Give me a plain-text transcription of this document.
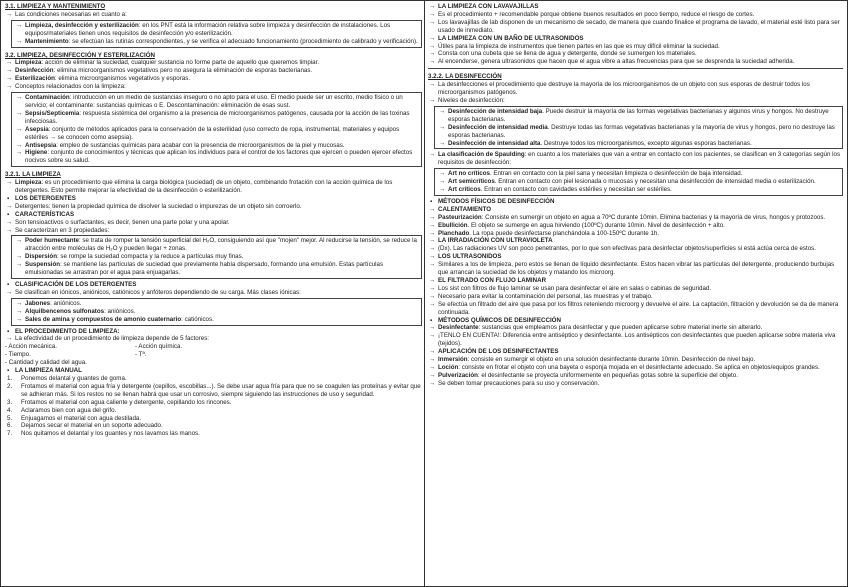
3.1. LIMPIEZA Y MANTENIMIENTO

→ Las condiciones necesarias en cuanto a:

→ Limpieza, desinfección y esterilización: en los PNT está la información relativa sobre limpieza y desinfección de instalaciones. Los equipos/materiales tienen unos requisitos de desinfección y/o esterilización.

→ Mantenimiento: se efectúan las rutinas correspondientes, y se verifica el adecuado funcionamiento (procedimiento de calibrado y verificación).

3.2. LIMPIEZA, DESINFECCIÓN Y ESTERILIZACIÓN

→ Limpieza: acción de eliminar la suciedad, cualquier sustancia no forme parte de aquello que queremos limpiar.

→ Desinfección: elimina microorganismos vegetativos pero no asegura la eliminación de esporas bacterianas.

→ Esterilización: elimina microorganismos vegetativos y esporas.

→ Conceptos relacionados con la limpieza:

→ Contaminación: introducción en un medio de sustancias inseguro o no apto para el uso. El medio puede ser un escrito, medio físico o un servicio; el contaminante: sustancias químicas o E. Descontaminación: eliminación de esas sust.

→ Sepsis/Septicemia: respuesta sistémica del organismo a la presencia de microorganismos patógenos, causada por la acción de las toxinas infecciosas.

→ Asepsia: conjunto de métodos aplicados para la conservación de la esterilidad (uso correcto de ropa, instrumental, materiales y equipos estériles → se conocen como asepsia).

→ Antisepsia: empleo de sustancias químicas para acabar con la presencia de microorganismos de la piel y mucosas.

→ Higiene: conjunto de conocimientos y técnicas que aplican los individuos para el control de los factores que ejercen o pueden ejercer efectos nocivos sobre su salud.

3.2.1. LA LIMPIEZA

→ Limpieza: es un procedimiento que elimina la carga biológica (suciedad) de un objeto, combinando frotación con la acción química de los detergentes. Esto permite mejorar la efectividad de la desinfección o esterilización.

▪ LOS DETERGENTES

→ Detergentes: tienen la propiedad química de disolver la suciedad o impurezas de un objeto sin corroerlo.

▪ CARACTERÍSTICAS

→ Son tensioactivos o surfactantes, es decir, tienen una parte polar y una apolar.

→ Se caracterizan en 3 propiedades:

→ Poder humectante: se trata de romper la tensión superficial del H₂O, consiguiendo así que "mojen" mejor. Al reducirse la tensión, se reduce la atracción entre moléculas de H₂O y pueden llegar + zonas.

→ Dispersión: se rompe la suciedad compacta y la reduce a partículas muy finas.

→ Suspensión: se mantiene las partículas de suciedad que previamente había dispersado, formando una emulsión. Estas partículas emulsionadas se arrastran por el agua para enjuagarlas.

▪ CLASIFICACIÓN DE LOS DETERGENTES

→ Se clasifican en iónicos, aniónicos, catiónicos y anfóteros dependiendo de su carga. Más clases iónicas:

→ Jabones: aniónicos.

→ Alquilbencenos sulfonatos: aniónicos.

→ Sales de amina y compuestos de amonio cuaternario: catiónicos.

▪ EL PROCEDIMIENTO DE LIMPIEZA:

→ La efectividad de un procedimiento de limpieza depende de 5 factores:

- Acción mecánica.	- Acción química.
- Tiempo.	- Tª.

- Cantidad y calidad del agua.

▪ LA LIMPIEZA MANUAL

1. Ponemos delantal y guantes de goma.

2. Frotamos el material con agua fría y detergente (cepillos, escobillas...). Se debe usar agua fría para que no se coagulen las proteínas y evitar que se adhieran más. Si los restos no se llenan habrá que usar un corrosivo, siempre siguiendo las instrucciones de uso y seguridad.

3. Frotamos el material con agua caliente y detergente, cepillando los rincones.

4. Aclaramos bien con agua del grifo.

5. Enjuagamos el material con agua destilada.

6. Dejamos secar el material en un soporte adecuado.

7. Nos quitamos el delantal y los guantes y nos lavamos las manos.

→ LA LIMPIEZA CON LAVAVAJILLAS

→ Es el procedimiento + recomendable porque obtiene buenos resultados en poco tiempo, reduce el riesgo de cortes.

→ Los lavavajillas de lab disponen de un mecanismo de secado, de manera que cuando finalice el programa de lavado, el material esté listo para ser usado de inmediato.

→ LA LIMPIEZA CON UN BAÑO DE ULTRASONIDOS

→ Útiles para la limpieza de instrumentos que tienen partes en las que es muy difícil eliminar la suciedad.

→ Consta con una cubeta que se llena de agua y detergente, donde se sumergen los materiales.

→ Al encenderse, genera ultrasonidos que hacen que el agua vibre a altas frecuencias para que se desprenda la suciedad adherida.

3.2.2. LA DESINFECCIÓN

→ La desinfecciones el procedimiento que destruye la mayoría de los microorganismos de un objeto con sus esporas de destruir todos los microorganismos patógenos.

→ Niveles de desinfección:

→ Desinfección de intensidad baja. Puede destruir la mayoría de las formas vegetativas bacterianas y algunos virus y hongos. No destruye esporas bacterianas.

→ Desinfección de intensidad media. Destruye todas las formas vegetativas bacterianas y la mayoría de virus y hongos, pero no destruye las esporas bacterianas.

→ Desinfección de intensidad alta. Destruye todos los microorganismos, excepto algunas esporas bacterianas.

→ La clasificación de Spaulding: en cuanto a los materiales que van a entrar en contacto con los pacientes, se clasifican en 3 categorías según los requisitos de desinfección:

→ Art no críticos. Entran en contacto con la piel sana y necesitan limpieza o desinfección de baja intensidad.

→ Art semicríticos. Entran en contacto con piel lesionada o mucosas y necesitan una desinfección de intensidad media o esterilización.

→ Art críticos. Entran en contacto con cavidades estériles y necesitan ser estériles.

▪ MÉTODOS FÍSICOS DE DESINFECCIÓN

→ CALENTAMIENTO

→ Pasteurización: Consiste en sumergir un objeto en agua a 70ºC durante 10min. Elimina bacterias y la mayoría de virus, hongos y protozoos.

→ Ebullición. El objeto se sumerge en agua hirviendo (100ºC) durante 10min. Nivel de desinfección + alto.

→ Planchado. La ropa puede desinfectarse planchándola a 100-150ºC durante 1h.

→ LA IRRADIACIÓN CON ULTRAVIOLETA

→ (Dx). Las radiaciones UV son poco penetrantes, por lo que son efectivas para desinfectar objetos/superficies si está actúa cerca de estos.

→ LOS ULTRASONIDOS

→ Similares a los de limpieza, pero estos se llenan de líquido desinfectante. Estos hacen vibrar las partículas del detergente, produciendo burbujas que arrancan la suciedad de los objetos y matando los microorg.

→ EL FILTRADO CON FLUJO LAMINAR

→ Los sist con filtros de flujo laminar se usan para desinfectar el aire en salas o cabinas de seguridad.

→ Necesario para evitar la contaminación del personal, las muestras y el trabajo.

→ Se efectúa un filtrado del aire que pasa por los filtros reteniendo microorg y devuelve el aire. La captación, filtración y devolución se da de manera continuada.

▪ MÉTODOS QUÍMICOS DE DESINFECCIÓN

→ Desinfectante: sustancias que empleamos para desinfectar y que pueden aplicarse sobre material inerte sin alterarlo.

→ ¡TENLO EN CUENTA!: Diferencia entre antiséptico y desinfectante. Los antisépticos con desinfectantes que pueden aplicarse sobre materia viva (tejidos).

→ APLICACIÓN DE LOS DESINFECTANTES

→ Inmersión: consiste en sumergir el objeto en una solución desinfectante durante 10min. Desinfección de nivel bajo.

→ Loción: consiste en frotar el objeto con una bayeta o esponja mojada en el desinfectante adecuado. Se aplica en objetos/equipos grandes.

→ Pulverización: el desinfectante se proyecta uniformemente en pequeñas gotas sobre la superficie del objeto.

→ Se deben tomar precauciones para su uso y conservación.
